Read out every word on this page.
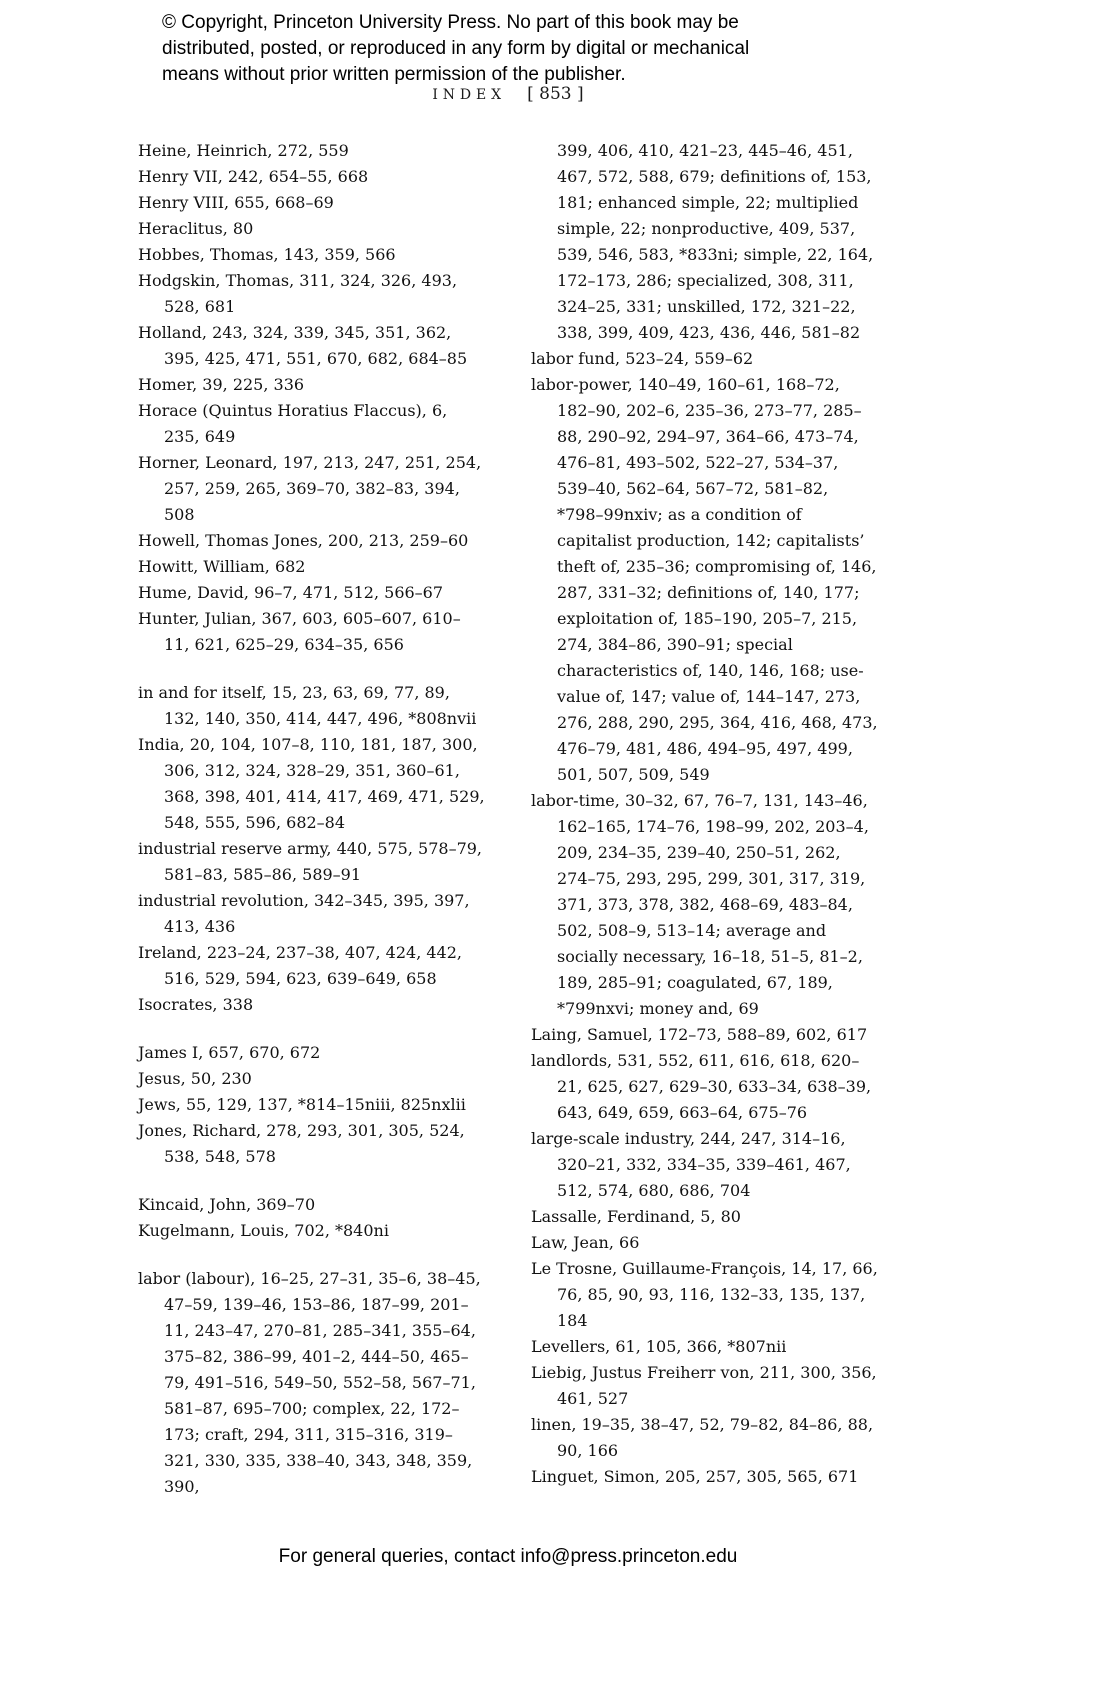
© Copyright, Princeton University Press. No part of this book may be
distributed, posted, or reproduced in any form by digital or mechanical
means without prior written permission of the publisher.
INDEX [ 853 ]

Heine, Heinrich, 272, 559

Henry VII, 242, 654–55, 668

Henry VIII, 655, 668–69

Heraclitus, 80

Hobbes, Thomas, 143, 359, 566

Hodgskin, Thomas, 311, 324, 326, 493, 528, 681

Holland, 243, 324, 339, 345, 351, 362, 395, 425, 471, 551, 670, 682, 684–85

Homer, 39, 225, 336

Horace (Quintus Horatius Flaccus), 6, 235, 649

Horner, Leonard, 197, 213, 247, 251, 254, 257, 259, 265, 369–70, 382–83, 394, 508

Howell, Thomas Jones, 200, 213, 259–60

Howitt, William, 682

Hume, David, 96–7, 471, 512, 566–67

Hunter, Julian, 367, 603, 605–607, 610–11, 621, 625–29, 634–35, 656

in and for itself, 15, 23, 63, 69, 77, 89, 132, 140, 350, 414, 447, 496, *808nvii

India, 20, 104, 107–8, 110, 181, 187, 300, 306, 312, 324, 328–29, 351, 360–61, 368, 398, 401, 414, 417, 469, 471, 529, 548, 555, 596, 682–84

industrial reserve army, 440, 575, 578–79, 581–83, 585–86, 589–91

industrial revolution, 342–345, 395, 397, 413, 436

Ireland, 223–24, 237–38, 407, 424, 442, 516, 529, 594, 623, 639–649, 658

Isocrates, 338

James I, 657, 670, 672

Jesus, 50, 230

Jews, 55, 129, 137, *814–15niii, 825nxlii

Jones, Richard, 278, 293, 301, 305, 524, 538, 548, 578

Kincaid, John, 369–70

Kugelmann, Louis, 702, *840ni

labor (labour), 16–25, 27–31, 35–6, 38–45, 47–59, 139–46, 153–86, 187–99, 201–11, 243–47, 270–81, 285–341, 355–64, 375–82, 386–99, 401–2, 444–50, 465–79, 491–516, 549–50, 552–58, 567–71, 581–87, 695–700; complex, 22, 172–173; craft, 294, 311, 315–316, 319–321, 330, 335, 338–40, 343, 348, 359, 390,

399, 406, 410, 421–23, 445–46, 451, 467, 572, 588, 679; definitions of, 153, 181; enhanced simple, 22; multiplied simple, 22; nonproductive, 409, 537, 539, 546, 583, *833ni; simple, 22, 164, 172–173, 286; specialized, 308, 311, 324–25, 331; unskilled, 172, 321–22, 338, 399, 409, 423, 436, 446, 581–82

labor fund, 523–24, 559–62

labor-power, 140–49, 160–61, 168–72, 182–90, 202–6, 235–36, 273–77, 285–88, 290–92, 294–97, 364–66, 473–74, 476–81, 493–502, 522–27, 534–37, 539–40, 562–64, 567–72, 581–82, *798–99nxiv; as a condition of capitalist production, 142; capitalists’ theft of, 235–36; compromising of, 146, 287, 331–32; definitions of, 140, 177; exploitation of, 185–190, 205–7, 215, 274, 384–86, 390–91; special characteristics of, 140, 146, 168; use-value of, 147; value of, 144–147, 273, 276, 288, 290, 295, 364, 416, 468, 473, 476–79, 481, 486, 494–95, 497, 499, 501, 507, 509, 549

labor-time, 30–32, 67, 76–7, 131, 143–46, 162–165, 174–76, 198–99, 202, 203–4, 209, 234–35, 239–40, 250–51, 262, 274–75, 293, 295, 299, 301, 317, 319, 371, 373, 378, 382, 468–69, 483–84, 502, 508–9, 513–14; average and socially necessary, 16–18, 51–5, 81–2, 189, 285–91; coagulated, 67, 189, *799nxvi; money and, 69

Laing, Samuel, 172–73, 588–89, 602, 617

landlords, 531, 552, 611, 616, 618, 620–21, 625, 627, 629–30, 633–34, 638–39, 643, 649, 659, 663–64, 675–76

large-scale industry, 244, 247, 314–16, 320–21, 332, 334–35, 339–461, 467, 512, 574, 680, 686, 704

Lassalle, Ferdinand, 5, 80

Law, Jean, 66

Le Trosne, Guillaume-François, 14, 17, 66, 76, 85, 90, 93, 116, 132–33, 135, 137, 184

Levellers, 61, 105, 366, *807nii

Liebig, Justus Freiherr von, 211, 300, 356, 461, 527

linen, 19–35, 38–47, 52, 79–82, 84–86, 88, 90, 166

Linguet, Simon, 205, 257, 305, 565, 671

For general queries, contact info@press.princeton.edu
